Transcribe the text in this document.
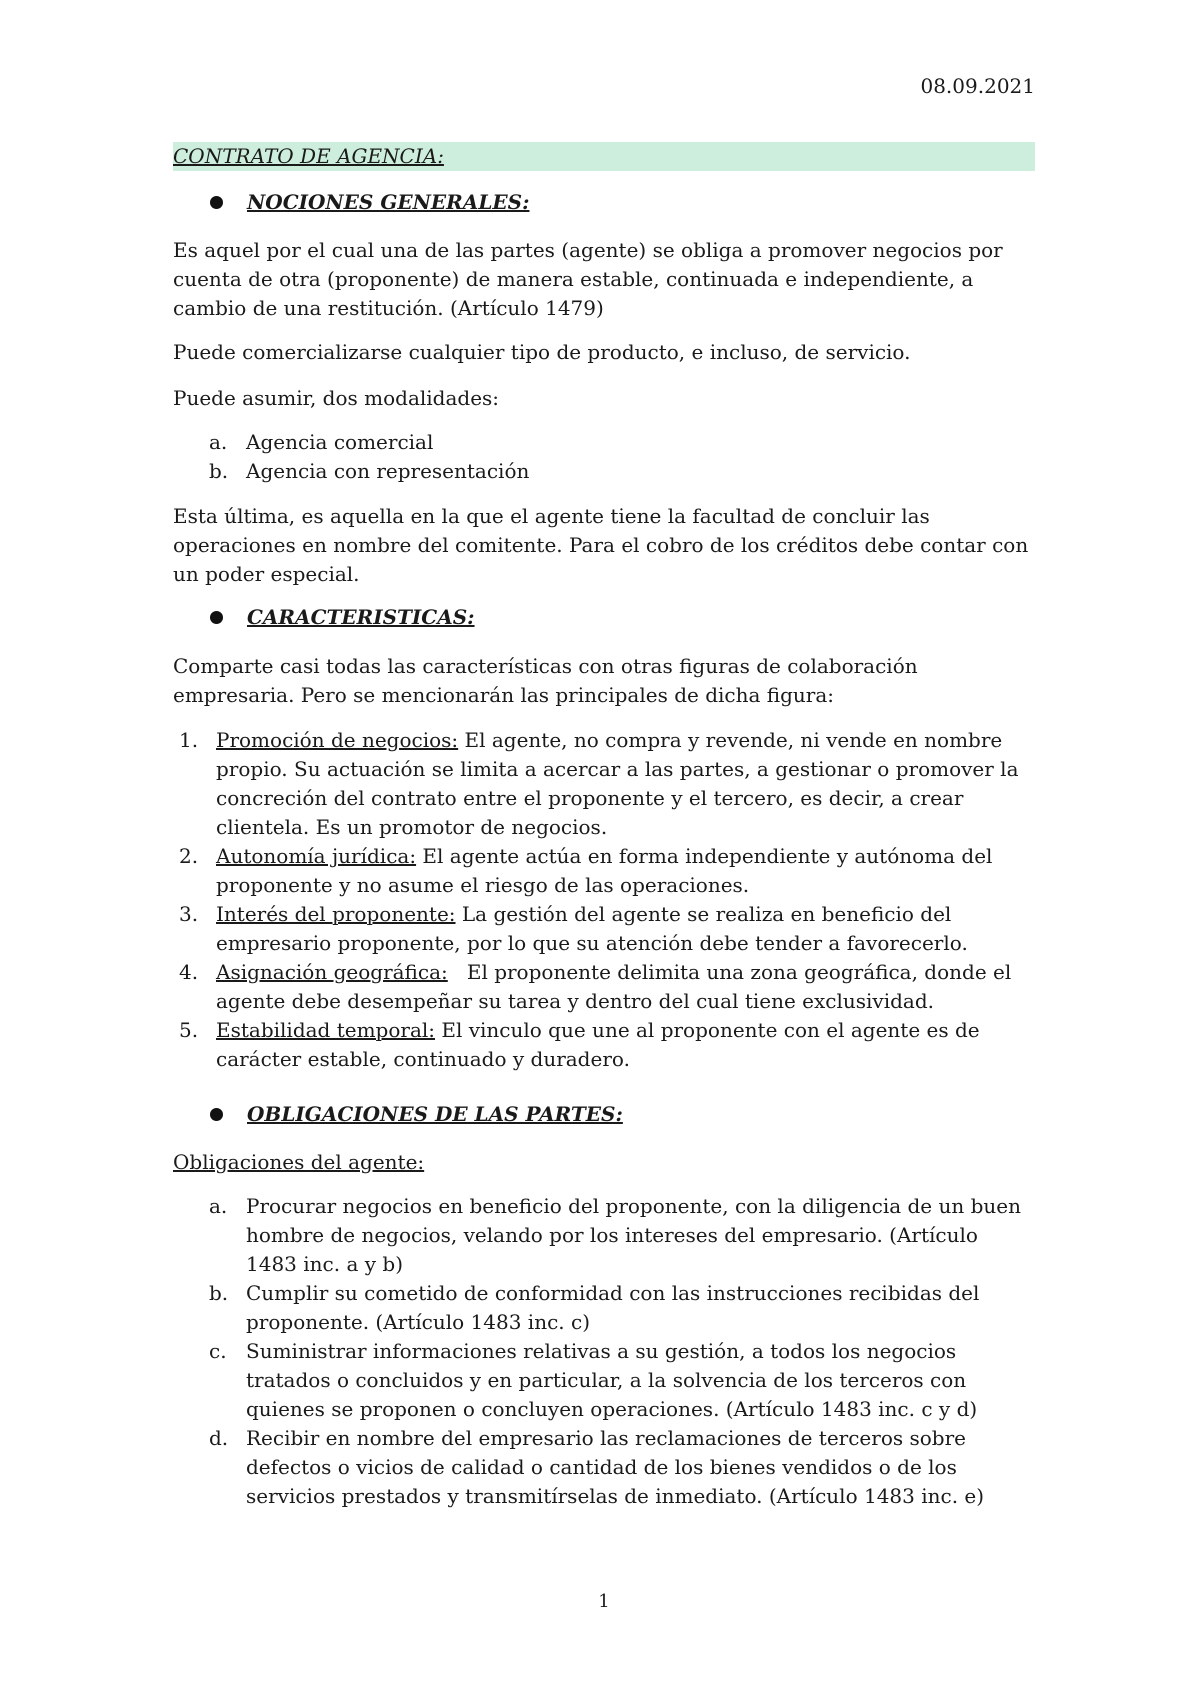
08.09.2021
CONTRATO DE AGENCIA:
NOCIONES GENERALES:
Es aquel por el cual una de las partes (agente) se obliga a promover negocios por cuenta de otra (proponente) de manera estable, continuada e independiente, a cambio de una restitución. (Artículo 1479)
Puede comercializarse cualquier tipo de producto, e incluso, de servicio.
Puede asumir, dos modalidades:
a. Agencia comercial
b. Agencia con representación
Esta última, es aquella en la que el agente tiene la facultad de concluir las operaciones en nombre del comitente. Para el cobro de los créditos debe contar con un poder especial.
CARACTERISTICAS:
Comparte casi todas las características con otras figuras de colaboración empresaria. Pero se mencionarán las principales de dicha figura:
1. Promoción de negocios: El agente, no compra y revende, ni vende en nombre propio. Su actuación se limita a acercar a las partes, a gestionar o promover la concreción del contrato entre el proponente y el tercero, es decir, a crear clientela. Es un promotor de negocios.
2. Autonomía jurídica: El agente actúa en forma independiente y autónoma del proponente y no asume el riesgo de las operaciones.
3. Interés del proponente: La gestión del agente se realiza en beneficio del empresario proponente, por lo que su atención debe tender a favorecerlo.
4. Asignación geográfica:   El proponente delimita una zona geográfica, donde el agente debe desempeñar su tarea y dentro del cual tiene exclusividad.
5. Estabilidad temporal: El vinculo que une al proponente con el agente es de carácter estable, continuado y duradero.
OBLIGACIONES DE LAS PARTES:
Obligaciones del agente:
a. Procurar negocios en beneficio del proponente, con la diligencia de un buen hombre de negocios, velando por los intereses del empresario. (Artículo 1483 inc. a y b)
b. Cumplir su cometido de conformidad con las instrucciones recibidas del proponente. (Artículo 1483 inc. c)
c. Suministrar informaciones relativas a su gestión, a todos los negocios tratados o concluidos y en particular, a la solvencia de los terceros con quienes se proponen o concluyen operaciones. (Artículo 1483 inc. c y d)
d. Recibir en nombre del empresario las reclamaciones de terceros sobre defectos o vicios de calidad o cantidad de los bienes vendidos o de los servicios prestados y transmitírselas de inmediato. (Artículo 1483 inc. e)
1
